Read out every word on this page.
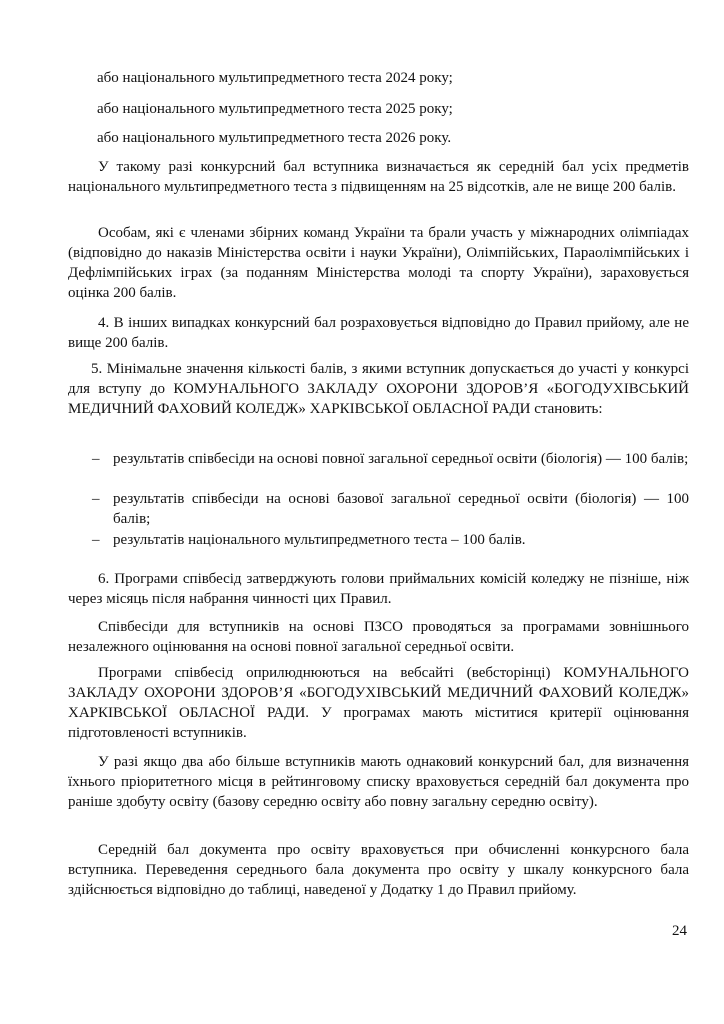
або національного мультипредметного теста 2024 року;

або національного мультипредметного теста 2025 року;

або національного мультипредметного теста 2026 року.

У такому разі конкурсний бал вступника визначається як середній бал усіх предметів національного мультипредметного теста з підвищенням на 25 відсотків, але не вище 200 балів.

Особам, які є членами збірних команд України та брали участь у міжнародних олімпіадах (відповідно до наказів Міністерства освіти і науки України), Олімпійських, Параолімпійських і Дефлімпійських іграх (за поданням Міністерства молоді та спорту України), зараховується оцінка 200 балів.

4. В інших випадках конкурсний бал розраховується відповідно до Правил прийому, але не вище 200 балів.

5. Мінімальне значення кількості балів, з якими вступник допускається до участі у конкурсі для вступу до КОМУНАЛЬНОГО ЗАКЛАДУ ОХОРОНИ ЗДОРОВ’Я «БОГОДУХІВСЬКИЙ МЕДИЧНИЙ ФАХОВИЙ КОЛЕДЖ» ХАРКІВСЬКОЇ ОБЛАСНОЇ РАДИ становить:

– результатів співбесіди на основі повної загальної середньої освіти (біологія) — 100 балів;
– результатів співбесіди на основі базової загальної середньої освіти (біологія) — 100 балів;
– результатів національного мультипредметного теста – 100 балів.

6. Програми співбесід затверджують голови приймальних комісій коледжу не пізніше, ніж через місяць після набрання чинності цих Правил.

Співбесіди для вступників на основі ПЗСО проводяться за програмами зовнішнього незалежного оцінювання на основі повної загальної середньої освіти.

Програми співбесід оприлюднюються на вебсайті (вебсторінці) КОМУНАЛЬНОГО ЗАКЛАДУ ОХОРОНИ ЗДОРОВ’Я «БОГОДУХІВСЬКИЙ МЕДИЧНИЙ ФАХОВИЙ КОЛЕДЖ» ХАРКІВСЬКОЇ ОБЛАСНОЇ РАДИ. У програмах мають міститися критерії оцінювання підготовленості вступників.

У разі якщо два або більше вступників мають однаковий конкурсний бал, для визначення їхнього пріоритетного місця в рейтинговому списку враховується середній бал документа про раніше здобуту освіту (базову середню освіту або повну загальну середню освіту).

Середній бал документа про освіту враховується при обчисленні конкурсного бала вступника. Переведення середнього бала документа про освіту у шкалу конкурсного бала здійснюється відповідно до таблиці, наведеної у Додатку 1 до Правил прийому.

24
